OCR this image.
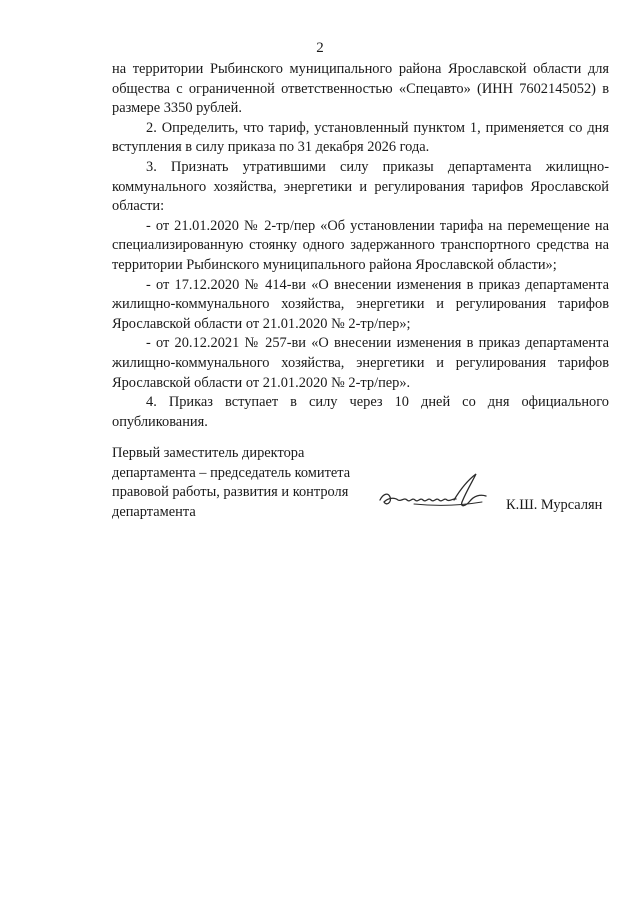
2

на территории Рыбинского муниципального района Ярославской области для общества с ограниченной ответственностью «Спецавто» (ИНН 7602145052) в размере 3350 рублей.

2. Определить, что тариф, установленный пунктом 1, применяется со дня вступления в силу приказа по 31 декабря 2026 года.

3. Признать утратившими силу приказы департамента жилищно-коммунального хозяйства, энергетики и регулирования тарифов Ярославской области:

- от 21.01.2020 № 2-тр/пер «Об установлении тарифа на перемещение на специализированную стоянку одного задержанного транспортного средства на территории Рыбинского муниципального района Ярославской области»;

- от 17.12.2020 № 414-ви «О внесении изменения в приказ департамента жилищно-коммунального хозяйства, энергетики и регулирования тарифов Ярославской области от 21.01.2020 № 2-тр/пер»;

- от 20.12.2021 № 257-ви «О внесении изменения в приказ департамента жилищно-коммунального хозяйства, энергетики и регулирования тарифов Ярославской области от 21.01.2020 № 2-тр/пер».

4. Приказ вступает в силу через 10 дней со дня официального опубликования.

Первый заместитель директора
департамента – председатель комитета
правовой работы, развития и контроля
департамента	К.Ш. Мурсалян
